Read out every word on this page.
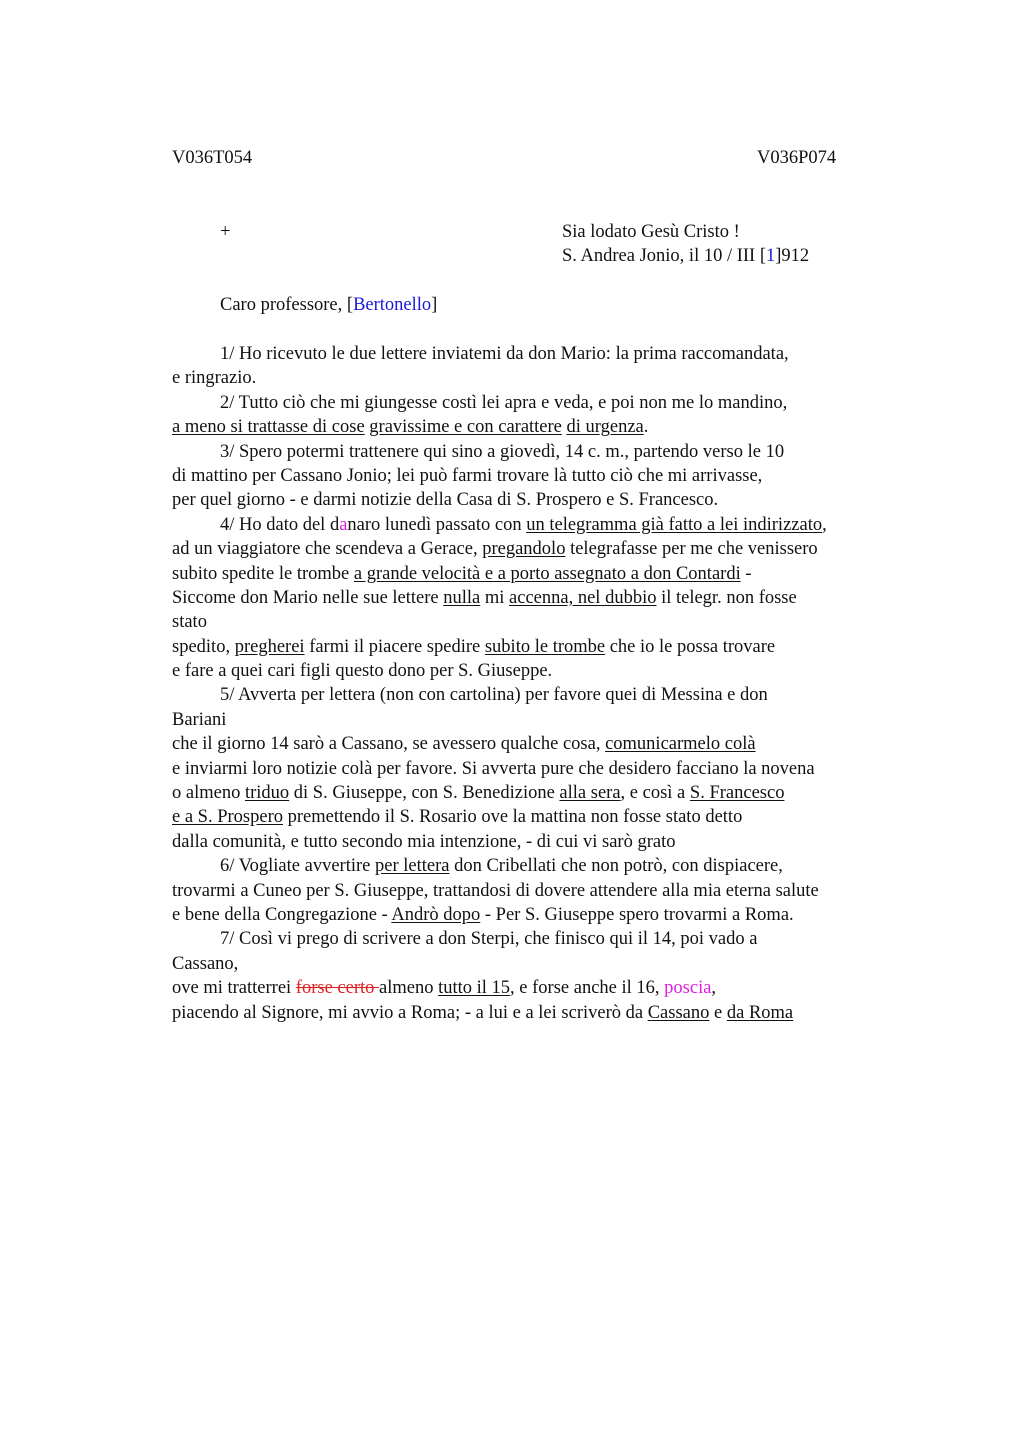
V036T054	V036P074
+	Sia lodato Gesù Cristo !
S. Andrea Jonio, il 10 / III [1]912
Caro professore, [Bertonello]
1/ Ho ricevuto le due lettere inviatemi da don Mario: la prima raccomandata,
e ringrazio.
2/ Tutto ciò che mi giungesse costì lei apra e veda, e poi non me lo mandino,
a meno si trattasse di cose gravissime e con carattere di urgenza.
3/ Spero potermi trattenere qui sino a giovedì, 14 c. m., partendo verso le 10
di mattino per Cassano Jonio; lei può farmi trovare là tutto ciò che mi arrivasse,
per quel giorno - e darmi notizie della Casa di S. Prospero e S. Francesco.
4/ Ho dato del danaro lunedì passato con un telegramma già fatto a lei indirizzato,
ad un viaggiatore che scendeva a Gerace, pregandolo telegrafasse per me che venissero
subito spedite le trombe a grande velocità e a porto assegnato a don Contardi -
Siccome don Mario nelle sue lettere nulla mi accenna, nel dubbio il telegr. non fosse
stato
spedito, pregherei farmi il piacere spedire subito le trombe che io le possa trovare
e fare a quei cari figli questo dono per S. Giuseppe.
5/ Avverta per lettera (non con cartolina) per favore quei di Messina e don
Bariani
che il giorno 14 sarò a Cassano, se avessero qualche cosa, comunicarmelo colà
e inviarmi loro notizie colà per favore. Si avverta pure che desidero facciano la novena
o almeno triduo di S. Giuseppe, con S. Benedizione alla sera, e così a S. Francesco
e a S. Prospero premettendo il S. Rosario ove la mattina non fosse stato detto
dalla comunità, e tutto secondo mia intenzione, - di cui vi sarò grato
6/ Vogliate avvertire per lettera don Cribellati che non potrò, con dispiacere,
trovarmi a Cuneo per S. Giuseppe, trattandosi di dovere attendere alla mia eterna salute
e bene della Congregazione - Andrò dopo - Per S. Giuseppe spero trovarmi a Roma.
7/ Così vi prego di scrivere a don Sterpi, che finisco qui il 14, poi vado a
Cassano,
ove mi tratterrei forse certo almeno tutto il 15, e forse anche il 16, poscia,
piacendo al Signore, mi avvio a Roma; - a lui e a lei scriverò da Cassano e da Roma
